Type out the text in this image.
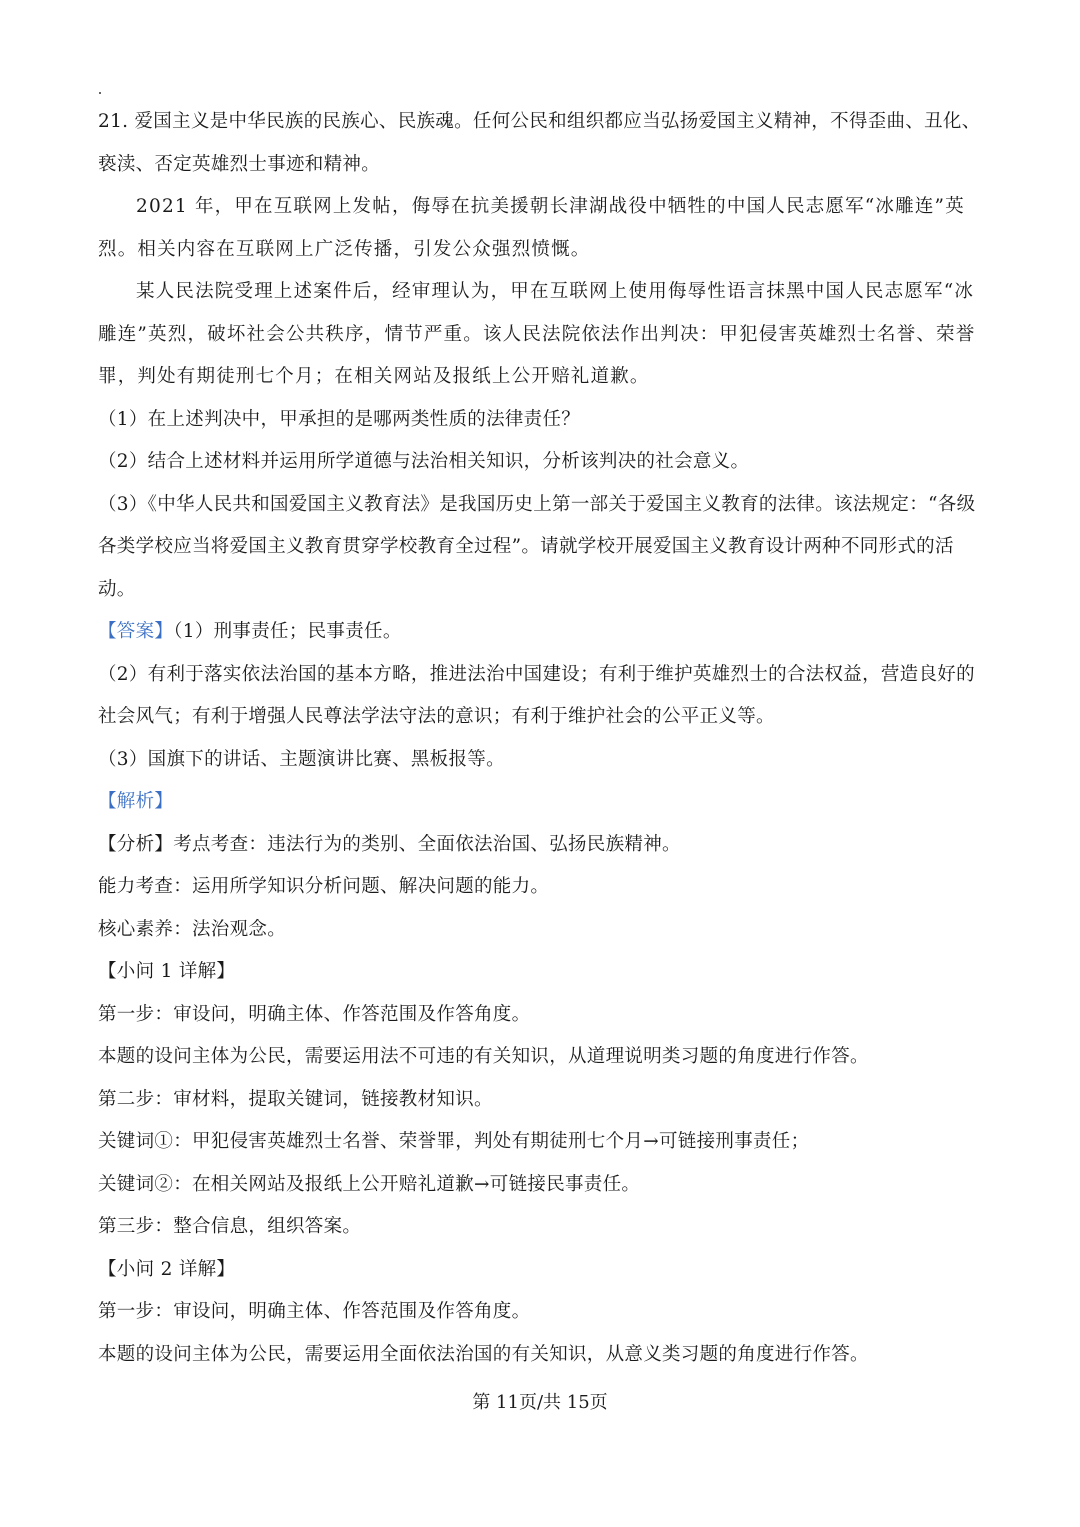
21. 爱国主义是中华民族的民族心、民族魂。任何公民和组织都应当弘扬爱国主义精神，不得歪曲、丑化、

亵渎、否定英雄烈士事迹和精神。

2021 年，甲在互联网上发帖，侮辱在抗美援朝长津湖战役中牺牲的中国人民志愿军“冰雕连”英烈。相关内容在互联网上广泛传播，引发公众强烈愤慨。

某人民法院受理上述案件后，经审理认为，甲在互联网上使用侮辱性语言抹黑中国人民志愿军“冰雕连”英烈，破坏社会公共秩序，情节严重。该人民法院依法作出判决：甲犯侵害英雄烈士名誉、荣誉罪，判处有期徒刑七个月；在相关网站及报纸上公开赔礼道歉。

（1）在上述判决中，甲承担的是哪两类性质的法律责任？

（2）结合上述材料并运用所学道德与法治相关知识，分析该判决的社会意义。

（3）《中华人民共和国爱国主义教育法》是我国历史上第一部关于爱国主义教育的法律。该法规定：“各级各类学校应当将爱国主义教育贯穿学校教育全过程”。请就学校开展爱国主义教育设计两种不同形式的活动。

【答案】（1）刑事责任；民事责任。

（2）有利于落实依法治国的基本方略，推进法治中国建设；有利于维护英雄烈士的合法权益，营造良好的社会风气；有利于增强人民尊法学法守法的意识；有利于维护社会的公平正义等。

（3）国旗下的讲话、主题演讲比赛、黑板报等。

【解析】

【分析】考点考查：违法行为的类别、全面依法治国、弘扬民族精神。

能力考查：运用所学知识分析问题、解决问题的能力。

核心素养：法治观念。

【小问 1 详解】

第一步：审设问，明确主体、作答范围及作答角度。

本题的设问主体为公民，需要运用法不可违的有关知识，从道理说明类习题的角度进行作答。

第二步：审材料，提取关键词，链接教材知识。

关键词①：甲犯侵害英雄烈士名誉、荣誉罪，判处有期徒刑七个月→可链接刑事责任；

关键词②：在相关网站及报纸上公开赔礼道歉→可链接民事责任。

第三步：整合信息，组织答案。

【小问 2 详解】

第一步：审设问，明确主体、作答范围及作答角度。

本题的设问主体为公民，需要运用全面依法治国的有关知识，从意义类习题的角度进行作答。

第 11页/共 15页
